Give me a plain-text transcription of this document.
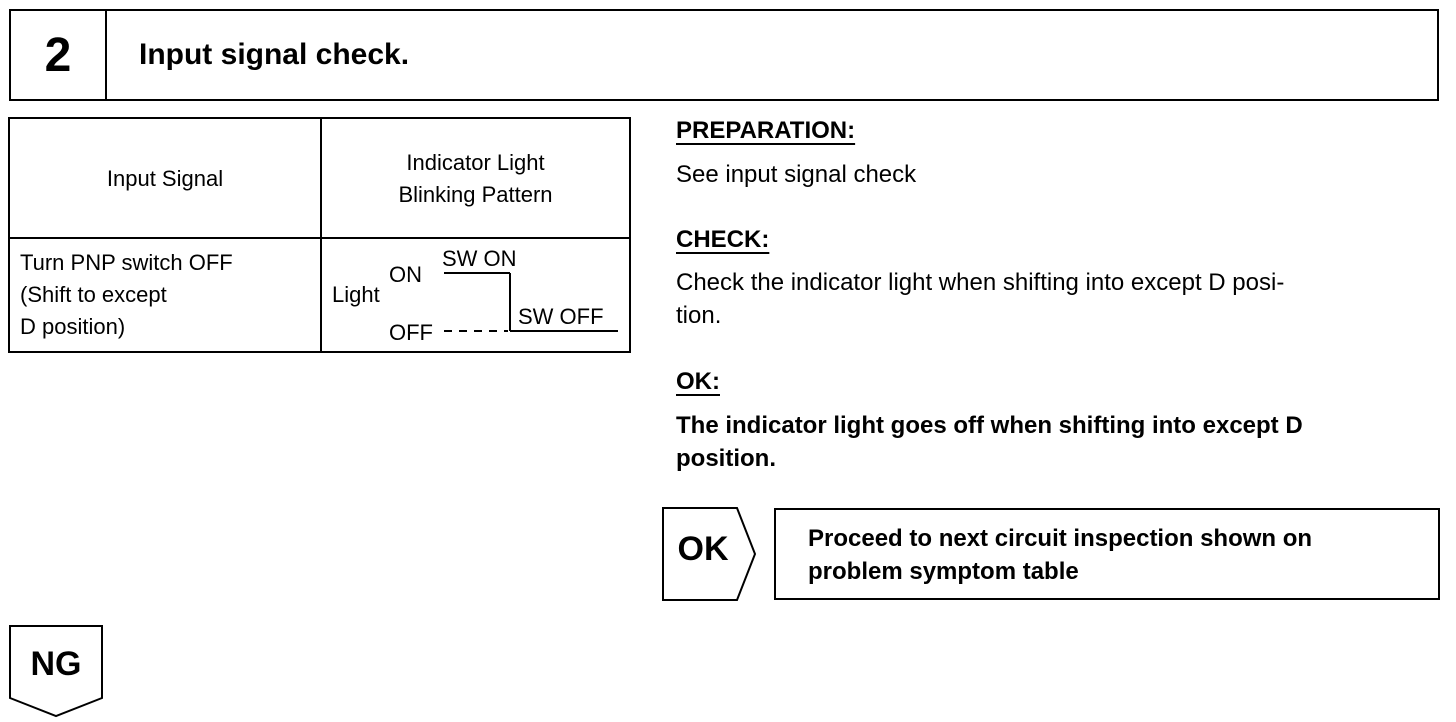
2	Input signal check.
Input Signal
Indicator Light
Blinking Pattern
Turn PNP switch OFF
(Shift to except
D position)
Light
ON
OFF
SW ON
SW OFF
PREPARATION:
See input signal check
CHECK:
Check the indicator light when shifting into except D posi-
tion.
OK:
The indicator light goes off when shifting into except D
position.
OK	Proceed to next circuit inspection shown on
problem symptom table
NG
